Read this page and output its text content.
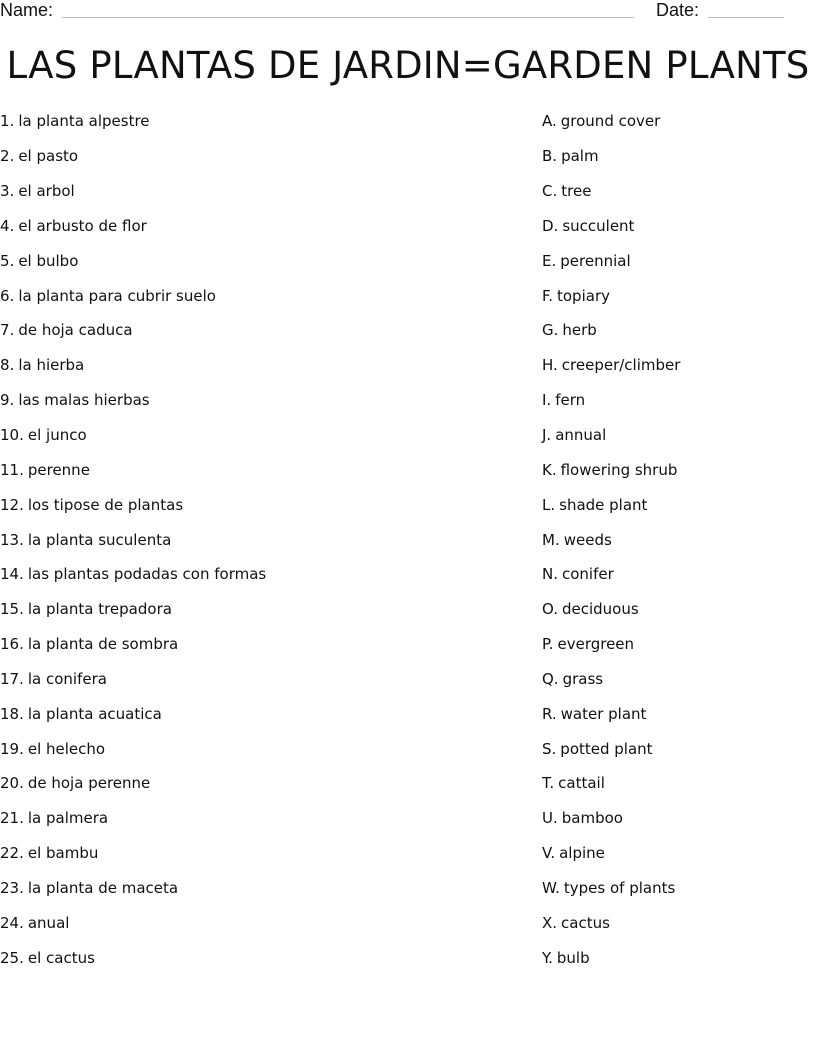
Name:	Date:
LAS PLANTAS DE JARDIN=GARDEN PLANTS
1. la planta alpestre
2. el pasto
3. el arbol
4. el arbusto de flor
5. el bulbo
6. la planta para cubrir suelo
7. de hoja caduca
8. la hierba
9. las malas hierbas
10. el junco
11. perenne
12. los tipose de plantas
13. la planta suculenta
14. las plantas podadas con formas
15. la planta trepadora
16. la planta de sombra
17. la conifera
18. la planta acuatica
19. el helecho
20. de hoja perenne
21. la palmera
22. el bambu
23. la planta de maceta
24. anual
25. el cactus
A. ground cover
B. palm
C. tree
D. succulent
E. perennial
F. topiary
G. herb
H. creeper/climber
I. fern
J. annual
K. flowering shrub
L. shade plant
M. weeds
N. conifer
O. deciduous
P. evergreen
Q. grass
R. water plant
S. potted plant
T. cattail
U. bamboo
V. alpine
W. types of plants
X. cactus
Y. bulb
